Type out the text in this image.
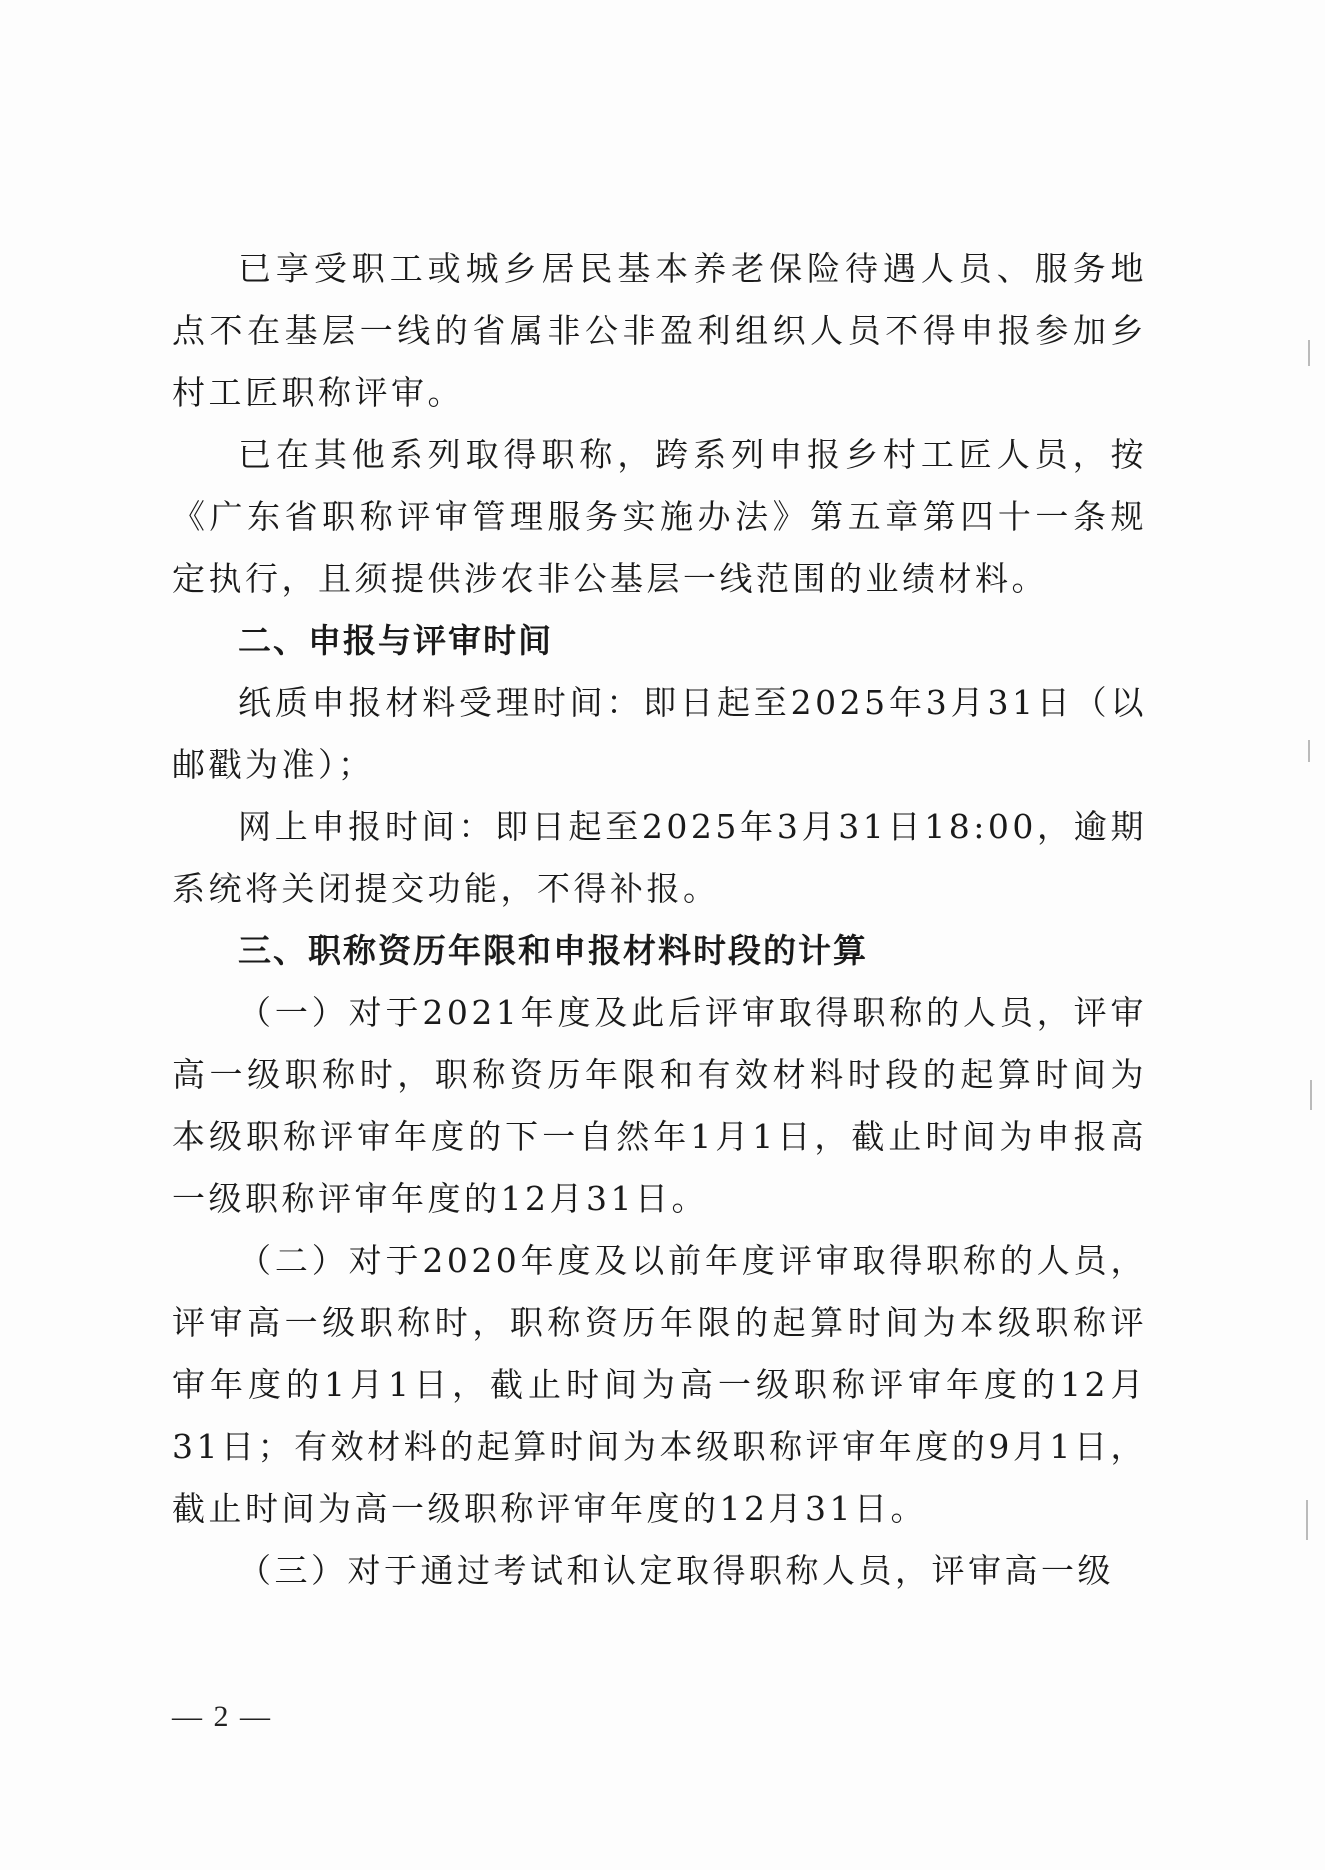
已享受职工或城乡居民基本养老保险待遇人员、服务地点不在基层一线的省属非公非盈利组织人员不得申报参加乡村工匠职称评审。

已在其他系列取得职称，跨系列申报乡村工匠人员，按《广东省职称评审管理服务实施办法》第五章第四十一条规定执行，且须提供涉农非公基层一线范围的业绩材料。

二、申报与评审时间

纸质申报材料受理时间：即日起至2025年3月31日（以邮戳为准）；

网上申报时间：即日起至2025年3月31日18:00，逾期系统将关闭提交功能，不得补报。

三、职称资历年限和申报材料时段的计算

（一）对于2021年度及此后评审取得职称的人员，评审高一级职称时，职称资历年限和有效材料时段的起算时间为本级职称评审年度的下一自然年1月1日，截止时间为申报高一级职称评审年度的12月31日。

（二）对于2020年度及以前年度评审取得职称的人员，评审高一级职称时，职称资历年限的起算时间为本级职称评审年度的1月1日，截止时间为高一级职称评审年度的12月31日；有效材料的起算时间为本级职称评审年度的9月1日，截止时间为高一级职称评审年度的12月31日。

（三）对于通过考试和认定取得职称人员，评审高一级

— 2 —
